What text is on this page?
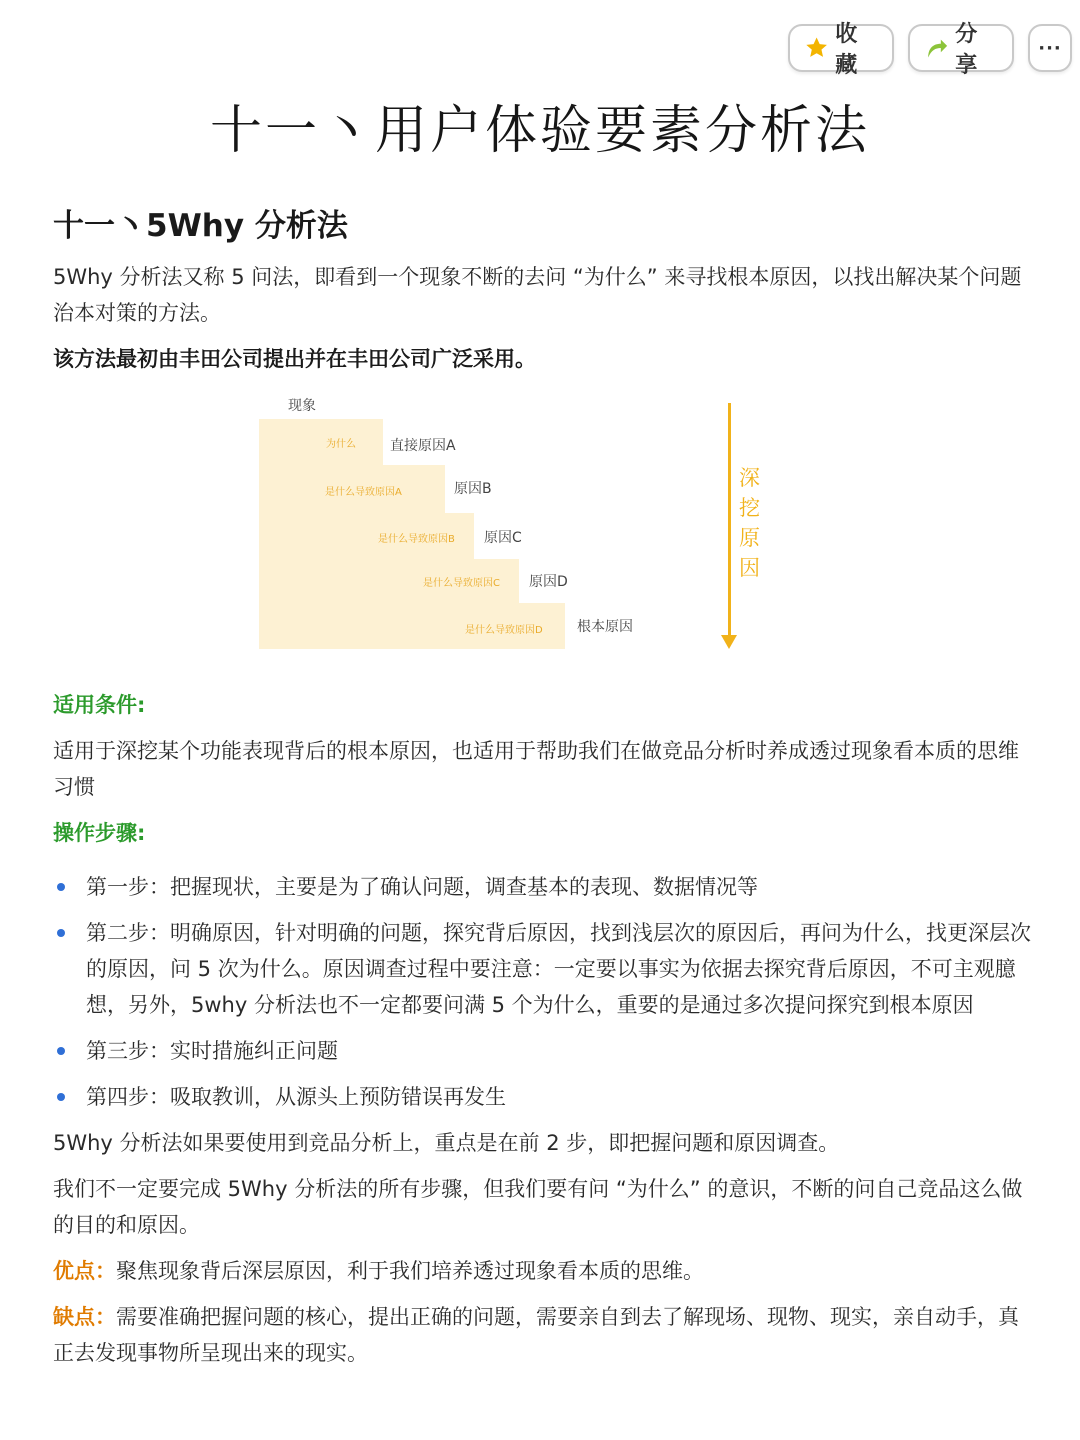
收藏
分享
···
十一丶用户体验要素分析法
十一丶5Why 分析法

5Why 分析法又称 5 问法，即看到一个现象不断的去问 “为什么” 来寻找根本原因，以找出解决某个问题治本对策的方法。

该方法最初由丰田公司提出并在丰田公司广泛采用。

现象
为什么 直接原因A
是什么导致原因A	原因B
是什么导致原因B 原因C
是什么导致原因C 原因D
是什么导致原因D 根本原因
深挖原因
适用条件:

适用于深挖某个功能表现背后的根本原因，也适用于帮助我们在做竞品分析时养成透过现象看本质的思维习惯

操作步骤:
第一步：把握现状，主要是为了确认问题，调查基本的表现、数据情况等
第二步：明确原因，针对明确的问题，探究背后原因，找到浅层次的原因后，再问为什么，找更深层次的原因，问 5 次为什么。原因调查过程中要注意：一定要以事实为依据去探究背后原因，不可主观臆想，另外，5why 分析法也不一定都要问满 5 个为什么，重要的是通过多次提问探究到根本原因
第三步：实时措施纠正问题
第四步：吸取教训，从源头上预防错误再发生

5Why 分析法如果要使用到竞品分析上，重点是在前 2 步，即把握问题和原因调查。

我们不一定要完成 5Why 分析法的所有步骤，但我们要有问 “为什么” 的意识，不断的问自己竞品这么做的目的和原因。

优点：聚焦现象背后深层原因，利于我们培养透过现象看本质的思维。

缺点：需要准确把握问题的核心，提出正确的问题，需要亲自到去了解现场、现物、现实，亲自动手，真正去发现事物所呈现出来的现实。
